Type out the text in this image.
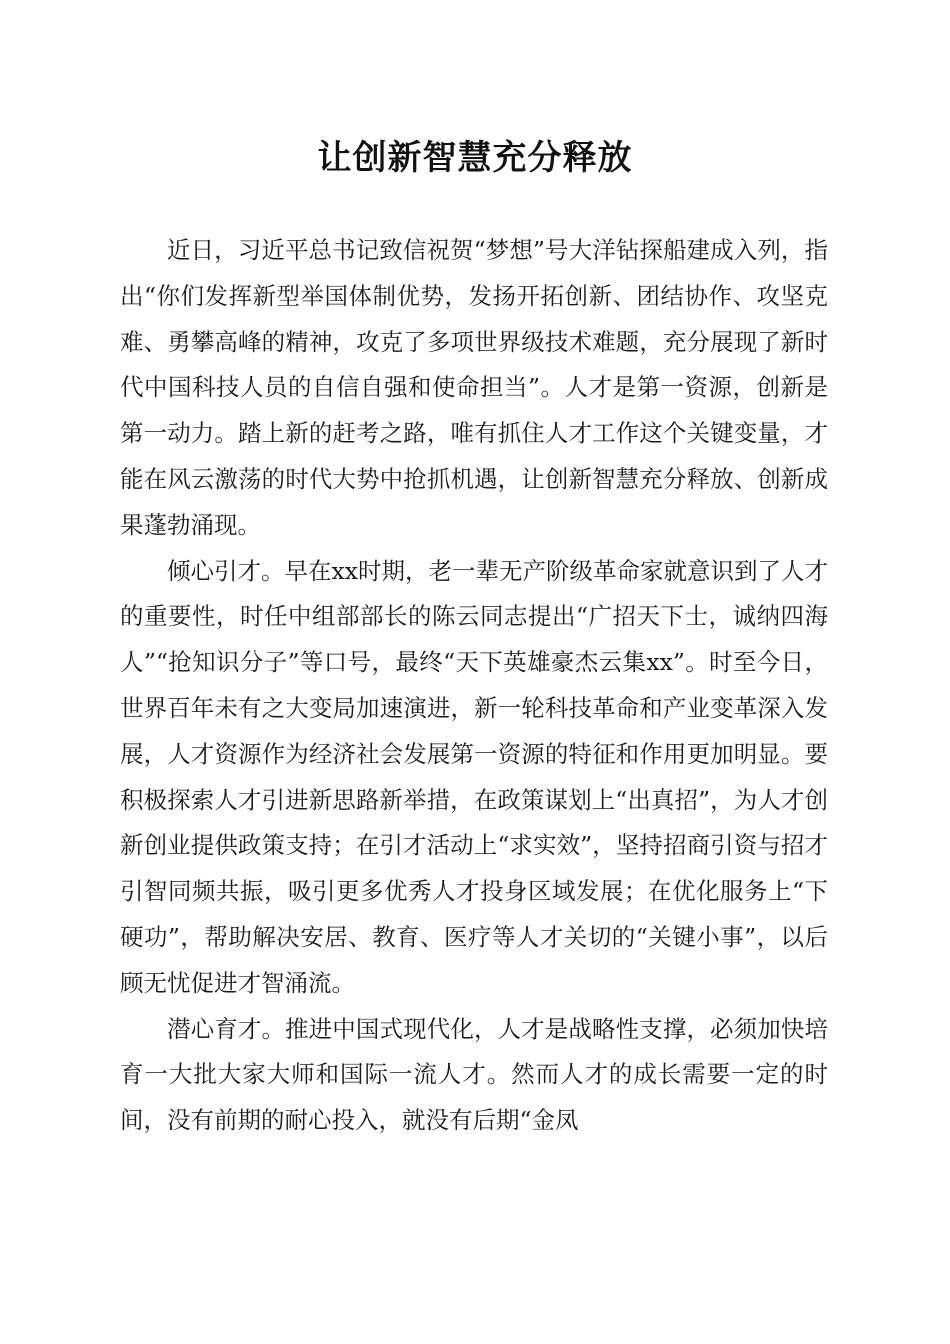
让创新智慧充分释放

近日，习近平总书记致信祝贺“梦想”号大洋钻探船建成入列，指出“你们发挥新型举国体制优势，发扬开拓创新、团结协作、攻坚克难、勇攀高峰的精神，攻克了多项世界级技术难题，充分展现了新时代中国科技人员的自信自强和使命担当”。人才是第一资源，创新是第一动力。踏上新的赶考之路，唯有抓住人才工作这个关键变量，才能在风云激荡的时代大势中抢抓机遇，让创新智慧充分释放、创新成果蓬勃涌现。

倾心引才。早在xx时期，老一辈无产阶级革命家就意识到了人才的重要性，时任中组部部长的陈云同志提出“广招天下士，诚纳四海人”“抢知识分子”等口号，最终“天下英雄豪杰云集xx”。时至今日，世界百年未有之大变局加速演进，新一轮科技革命和产业变革深入发展，人才资源作为经济社会发展第一资源的特征和作用更加明显。要积极探索人才引进新思路新举措，在政策谋划上“出真招”，为人才创新创业提供政策支持；在引才活动上“求实效”，坚持招商引资与招才引智同频共振，吸引更多优秀人才投身区域发展；在优化服务上“下硬功”，帮助解决安居、教育、医疗等人才关切的“关键小事”，以后顾无忧促进才智涌流。

潜心育才。推进中国式现代化，人才是战略性支撑，必须加快培育一大批大家大师和国际一流人才。然而人才的成长需要一定的时间，没有前期的耐心投入，就没有后期“金凤
